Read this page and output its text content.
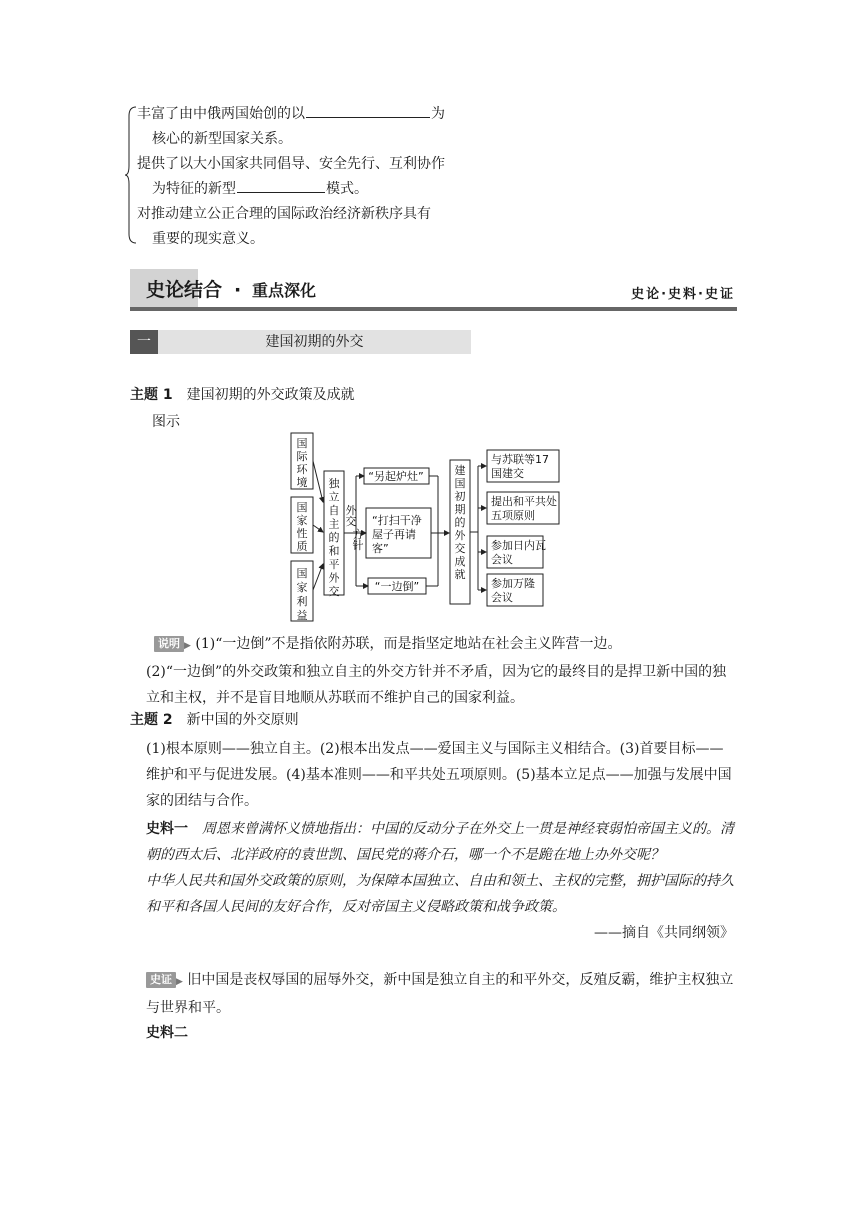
丰富了由中俄两国始创的以	为
核心的新型国家关系。
提供了以大小国家共同倡导、安全先行、互利协作
为特征的新型	模式。
对推动建立公正合理的国际政治经济新秩序具有
重要的现实意义。
史论结合 · 重点深化	史论·史料·史证
一	建国初期的外交
主题 1 建国初期的外交政策及成就
图示
国际环境
国家性质
国家利益
独立自主的和平外交
外交
方针
“另起炉灶”
“打扫干净屋子再请客”
“一边倒”
建国初期的外交成就
与苏联等17 国建交
提出和平共处五项原则
参加日内瓦会议
参加万隆会议
说明 ▶ (1)“一边倒”不是指依附苏联，而是指坚定地站在社会主义阵营一边。
(2)“一边倒”的外交政策和独立自主的外交方针并不矛盾，因为它的最终目的是捍卫新中国的独立和主权，并不是盲目地顺从苏联而不维护自己的国家利益。
主题 2 新中国的外交原则
(1)根本原则——独立自主。(2)根本出发点——爱国主义与国际主义相结合。(3)首要目标——维护和平与促进发展。(4)基本准则——和平共处五项原则。(5)基本立足点——加强与发展中国家的团结与合作。
史料一 周恩来曾满怀义愤地指出：中国的反动分子在外交上一贯是神经衰弱怕帝国主义的。清朝的西太后、北洋政府的袁世凯、国民党的蒋介石，哪一个不是跪在地上办外交呢？
中华人民共和国外交政策的原则，为保障本国独立、自由和领土、主权的完整，拥护国际的持久和平和各国人民间的友好合作，反对帝国主义侵略政策和战争政策。
——摘自《共同纲领》
史证 ▶ 旧中国是丧权辱国的屈辱外交，新中国是独立自主的和平外交，反殖反霸，维护主权独立与世界和平。
史料二
